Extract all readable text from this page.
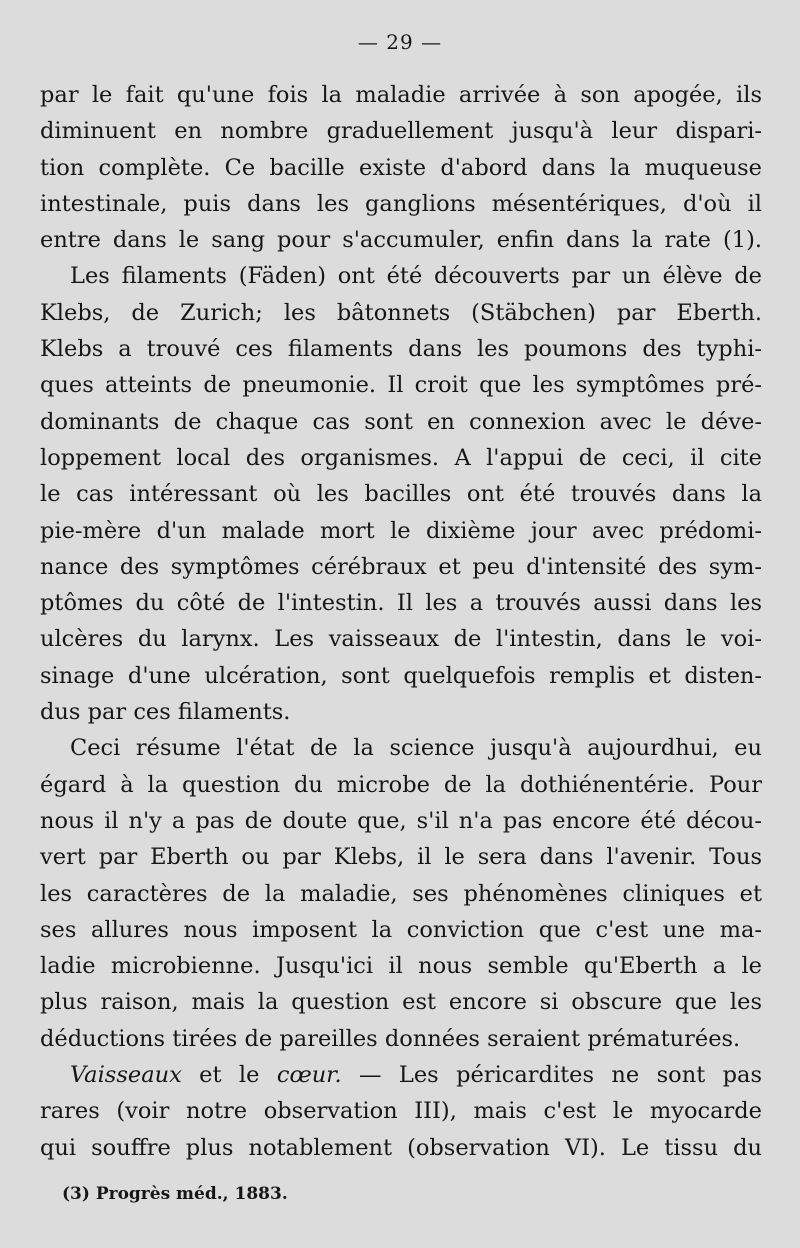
— 29 —
par le fait qu'une fois la maladie arrivée à son apogée, ils
diminuent en nombre graduellement jusqu'à leur dispari-
tion complète. Ce bacille existe d'abord dans la muqueuse
intestinale, puis dans les ganglions mésentériques, d'où il
entre dans le sang pour s'accumuler, enfin dans la rate (1).
Les filaments (Fäden) ont été découverts par un élève de
Klebs, de Zurich; les bâtonnets (Stäbchen) par Eberth.
Klebs a trouvé ces filaments dans les poumons des typhi-
ques atteints de pneumonie. Il croit que les symptômes pré-
dominants de chaque cas sont en connexion avec le déve-
loppement local des organismes. A l'appui de ceci, il cite
le cas intéressant où les bacilles ont été trouvés dans la
pie-mère d'un malade mort le dixième jour avec prédomi-
nance des symptômes cérébraux et peu d'intensité des sym-
ptômes du côté de l'intestin. Il les a trouvés aussi dans les
ulcères du larynx. Les vaisseaux de l'intestin, dans le voi-
sinage d'une ulcération, sont quelquefois remplis et disten-
dus par ces filaments.
Ceci résume l'état de la science jusqu'à aujourdhui, eu
égard à la question du microbe de la dothiénentérie. Pour
nous il n'y a pas de doute que, s'il n'a pas encore été décou-
vert par Eberth ou par Klebs, il le sera dans l'avenir. Tous
les caractères de la maladie, ses phénomènes cliniques et
ses allures nous imposent la conviction que c'est une ma-
ladie microbienne. Jusqu'ici il nous semble qu'Eberth a le
plus raison, mais la question est encore si obscure que les
déductions tirées de pareilles données seraient prématurées.
Vaisseaux et le cœur. — Les péricardites ne sont pas
rares (voir notre observation III), mais c'est le myocarde
qui souffre plus notablement (observation VI). Le tissu du
(3) Progrès méd., 1883.
